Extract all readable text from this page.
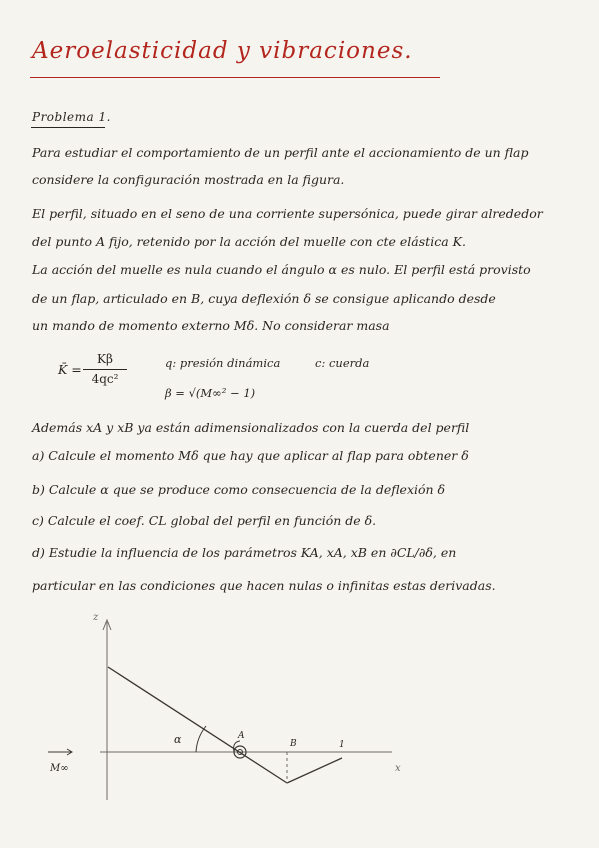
Aeroelasticidad y vibraciones.
Problema 1.
Para estudiar el comportamiento de un perfil ante el accionamiento de un flap
considere la configuración mostrada en la figura.
El perfil, situado en el seno de una corriente supersónica, puede girar alrededor
del punto A fijo, retenido por la acción del muelle con cte elástica K.
La acción del muelle es nula cuando el ángulo α es nulo. El perfil está provisto
de un flap, articulado en B, cuya deflexión δ se consigue aplicando desde
un mando de momento externo Mδ. No considerar masa
K̄ =
Kβ
4qc²
q: presión dinámica	c: cuerda
β = √(M∞² − 1)
Además xA y xB ya están adimensionalizados con la cuerda del perfil
a) Calcule el momento Mδ que hay que aplicar al flap para obtener δ
b) Calcule α que se produce como consecuencia de la deflexión δ
c) Calcule el coef. CL global del perfil en función de δ.
d) Estudie la influencia de los parámetros KA, xA, xB en ∂CL/∂δ, en
particular en las condiciones que hacen nulas o infinitas estas derivadas.
z
x
α	A
B	1
M∞
